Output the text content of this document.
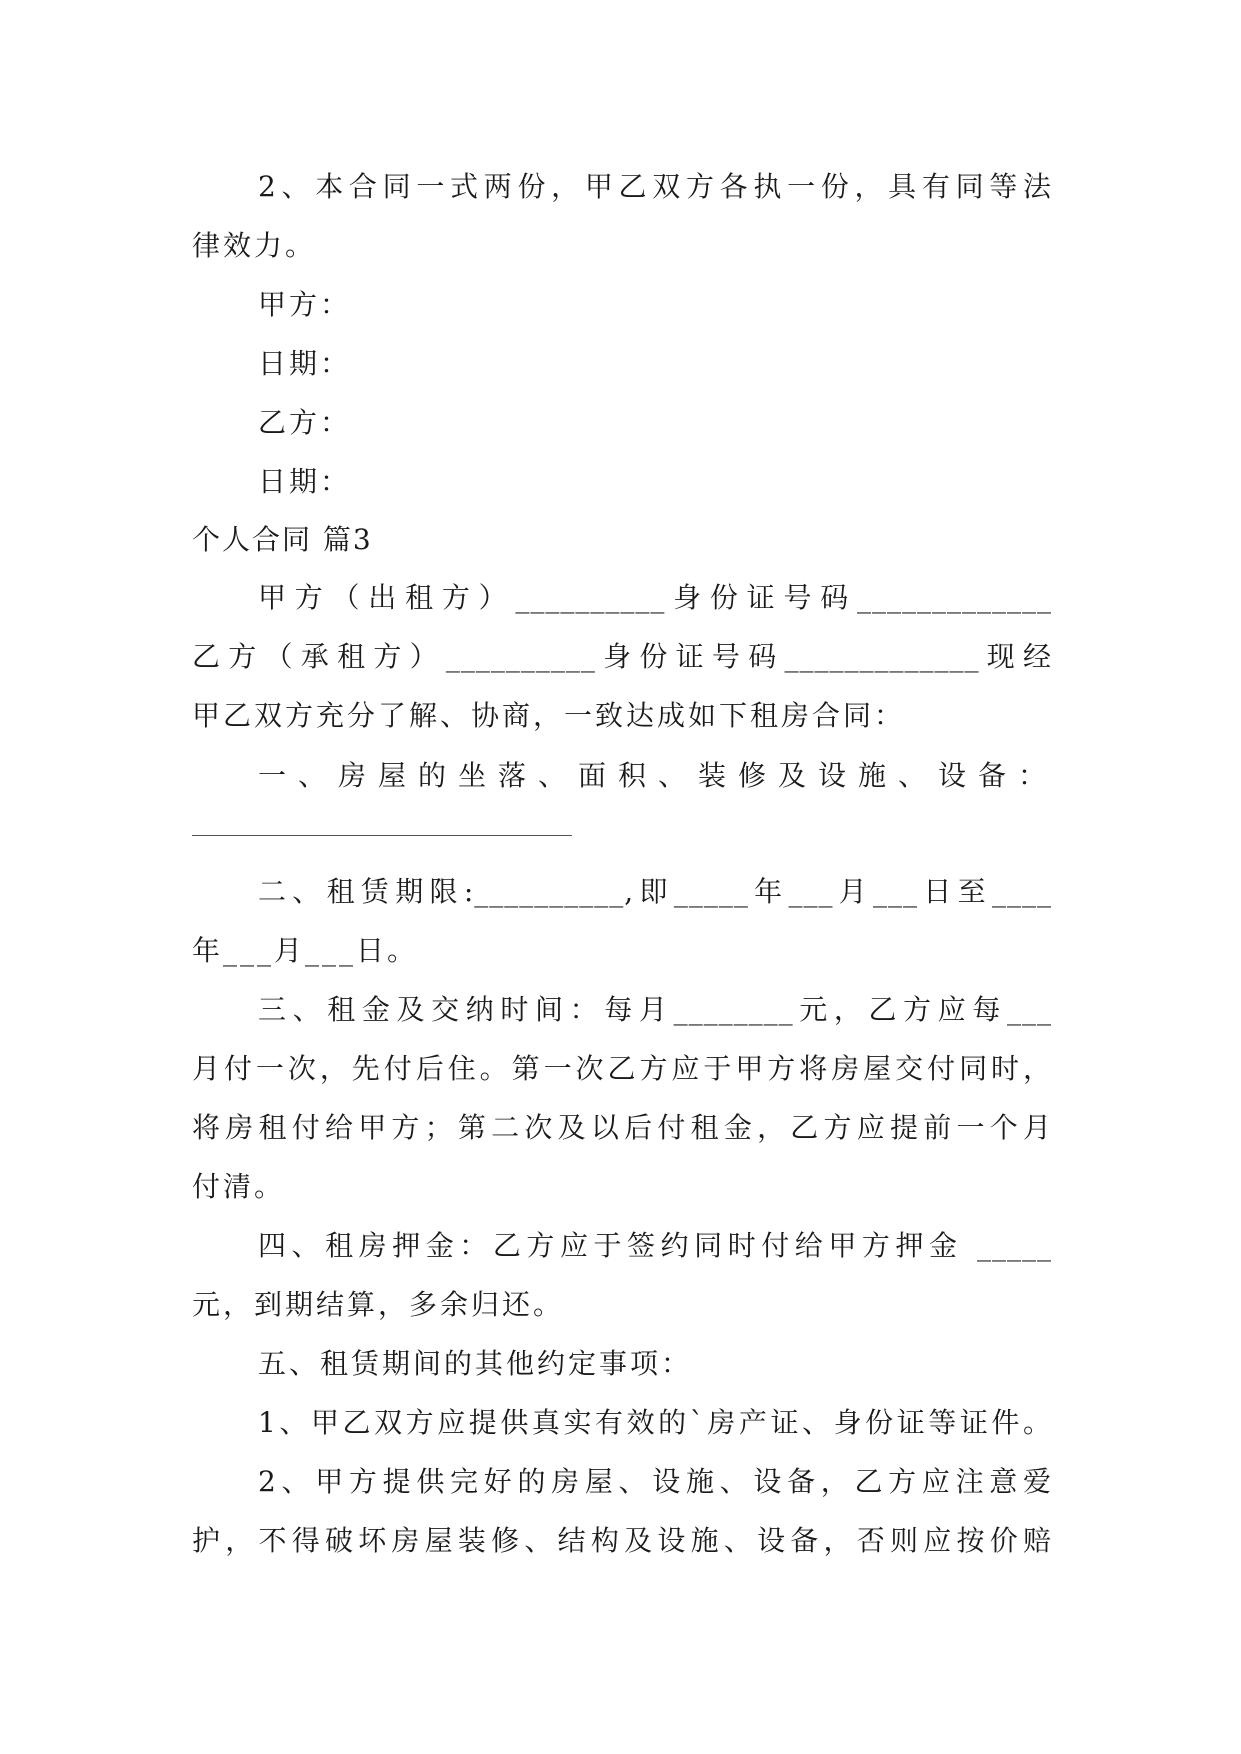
2、本合同一式两份，甲乙双方各执一份，具有同等法
律效力。
甲方：
日期：
乙方：
日期：
个人合同 篇3
甲方（出租方）__________身份证号码_____________
乙方（承租方）__________身份证号码_____________现经
甲乙双方充分了解、协商，一致达成如下租房合同：
一、房屋的坐落、面积、装修及设施、设备：
二、租赁期限:__________,即_____年___月___日至____
年___月___日。
三、租金及交纳时间：每月________元，乙方应每___
月付一次，先付后住。第一次乙方应于甲方将房屋交付同时，
将房租付给甲方；第二次及以后付租金，乙方应提前一个月
付清。
四、租房押金：乙方应于签约同时付给甲方押金 _____
元，到期结算，多余归还。
五、租赁期间的其他约定事项：
1、甲乙双方应提供真实有效的`房产证、身份证等证件。
2、甲方提供完好的房屋、设施、设备，乙方应注意爱
护，不得破坏房屋装修、结构及设施、设备，否则应按价赔
